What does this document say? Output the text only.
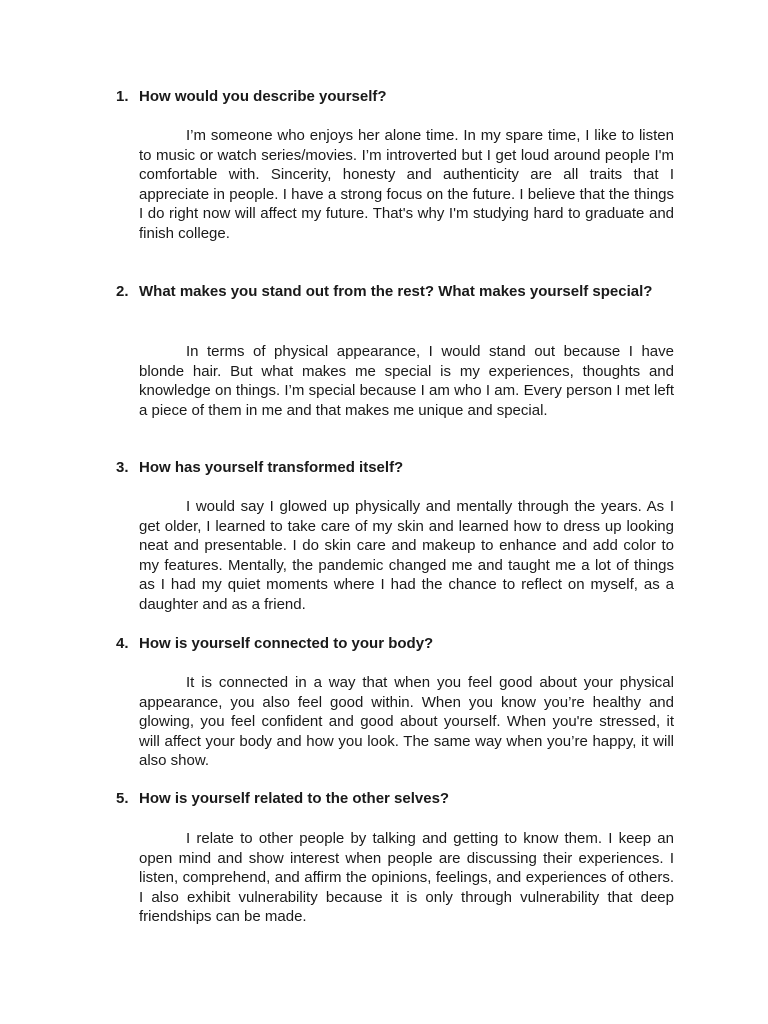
1. How would you describe yourself?

I’m someone who enjoys her alone time. In my spare time, I like to listen to music or watch series/movies. I’m introverted but I get loud around people I'm comfortable with. Sincerity, honesty and authenticity are all traits that I appreciate in people. I have a strong focus on the future. I believe that the things I do right now will affect my future. That's why I'm studying hard to graduate and finish college.

2. What makes you stand out from the rest? What makes yourself special?

In terms of physical appearance, I would stand out because I have blonde hair. But what makes me special is my experiences, thoughts and knowledge on things. I’m special because I am who I am. Every person I met left a piece of them in me and that makes me unique and special.

3. How has yourself transformed itself?

I would say I glowed up physically and mentally through the years. As I get older, I learned to take care of my skin and learned how to dress up looking neat and presentable. I do skin care and makeup to enhance and add color to my features. Mentally, the pandemic changed me and taught me a lot of things as I had my quiet moments where I had the chance to reflect on myself, as a daughter and as a friend.

4. How is yourself connected to your body?

It is connected in a way that when you feel good about your physical appearance, you also feel good within. When you know you’re healthy and glowing, you feel confident and good about yourself. When you're stressed, it will affect your body and how you look. The same way when you’re happy, it will also show.

5. How is yourself related to the other selves?

I relate to other people by talking and getting to know them. I keep an open mind and show interest when people are discussing their experiences. I listen, comprehend, and affirm the opinions, feelings, and experiences of others. I also exhibit vulnerability because it is only through vulnerability that deep friendships can be made.
